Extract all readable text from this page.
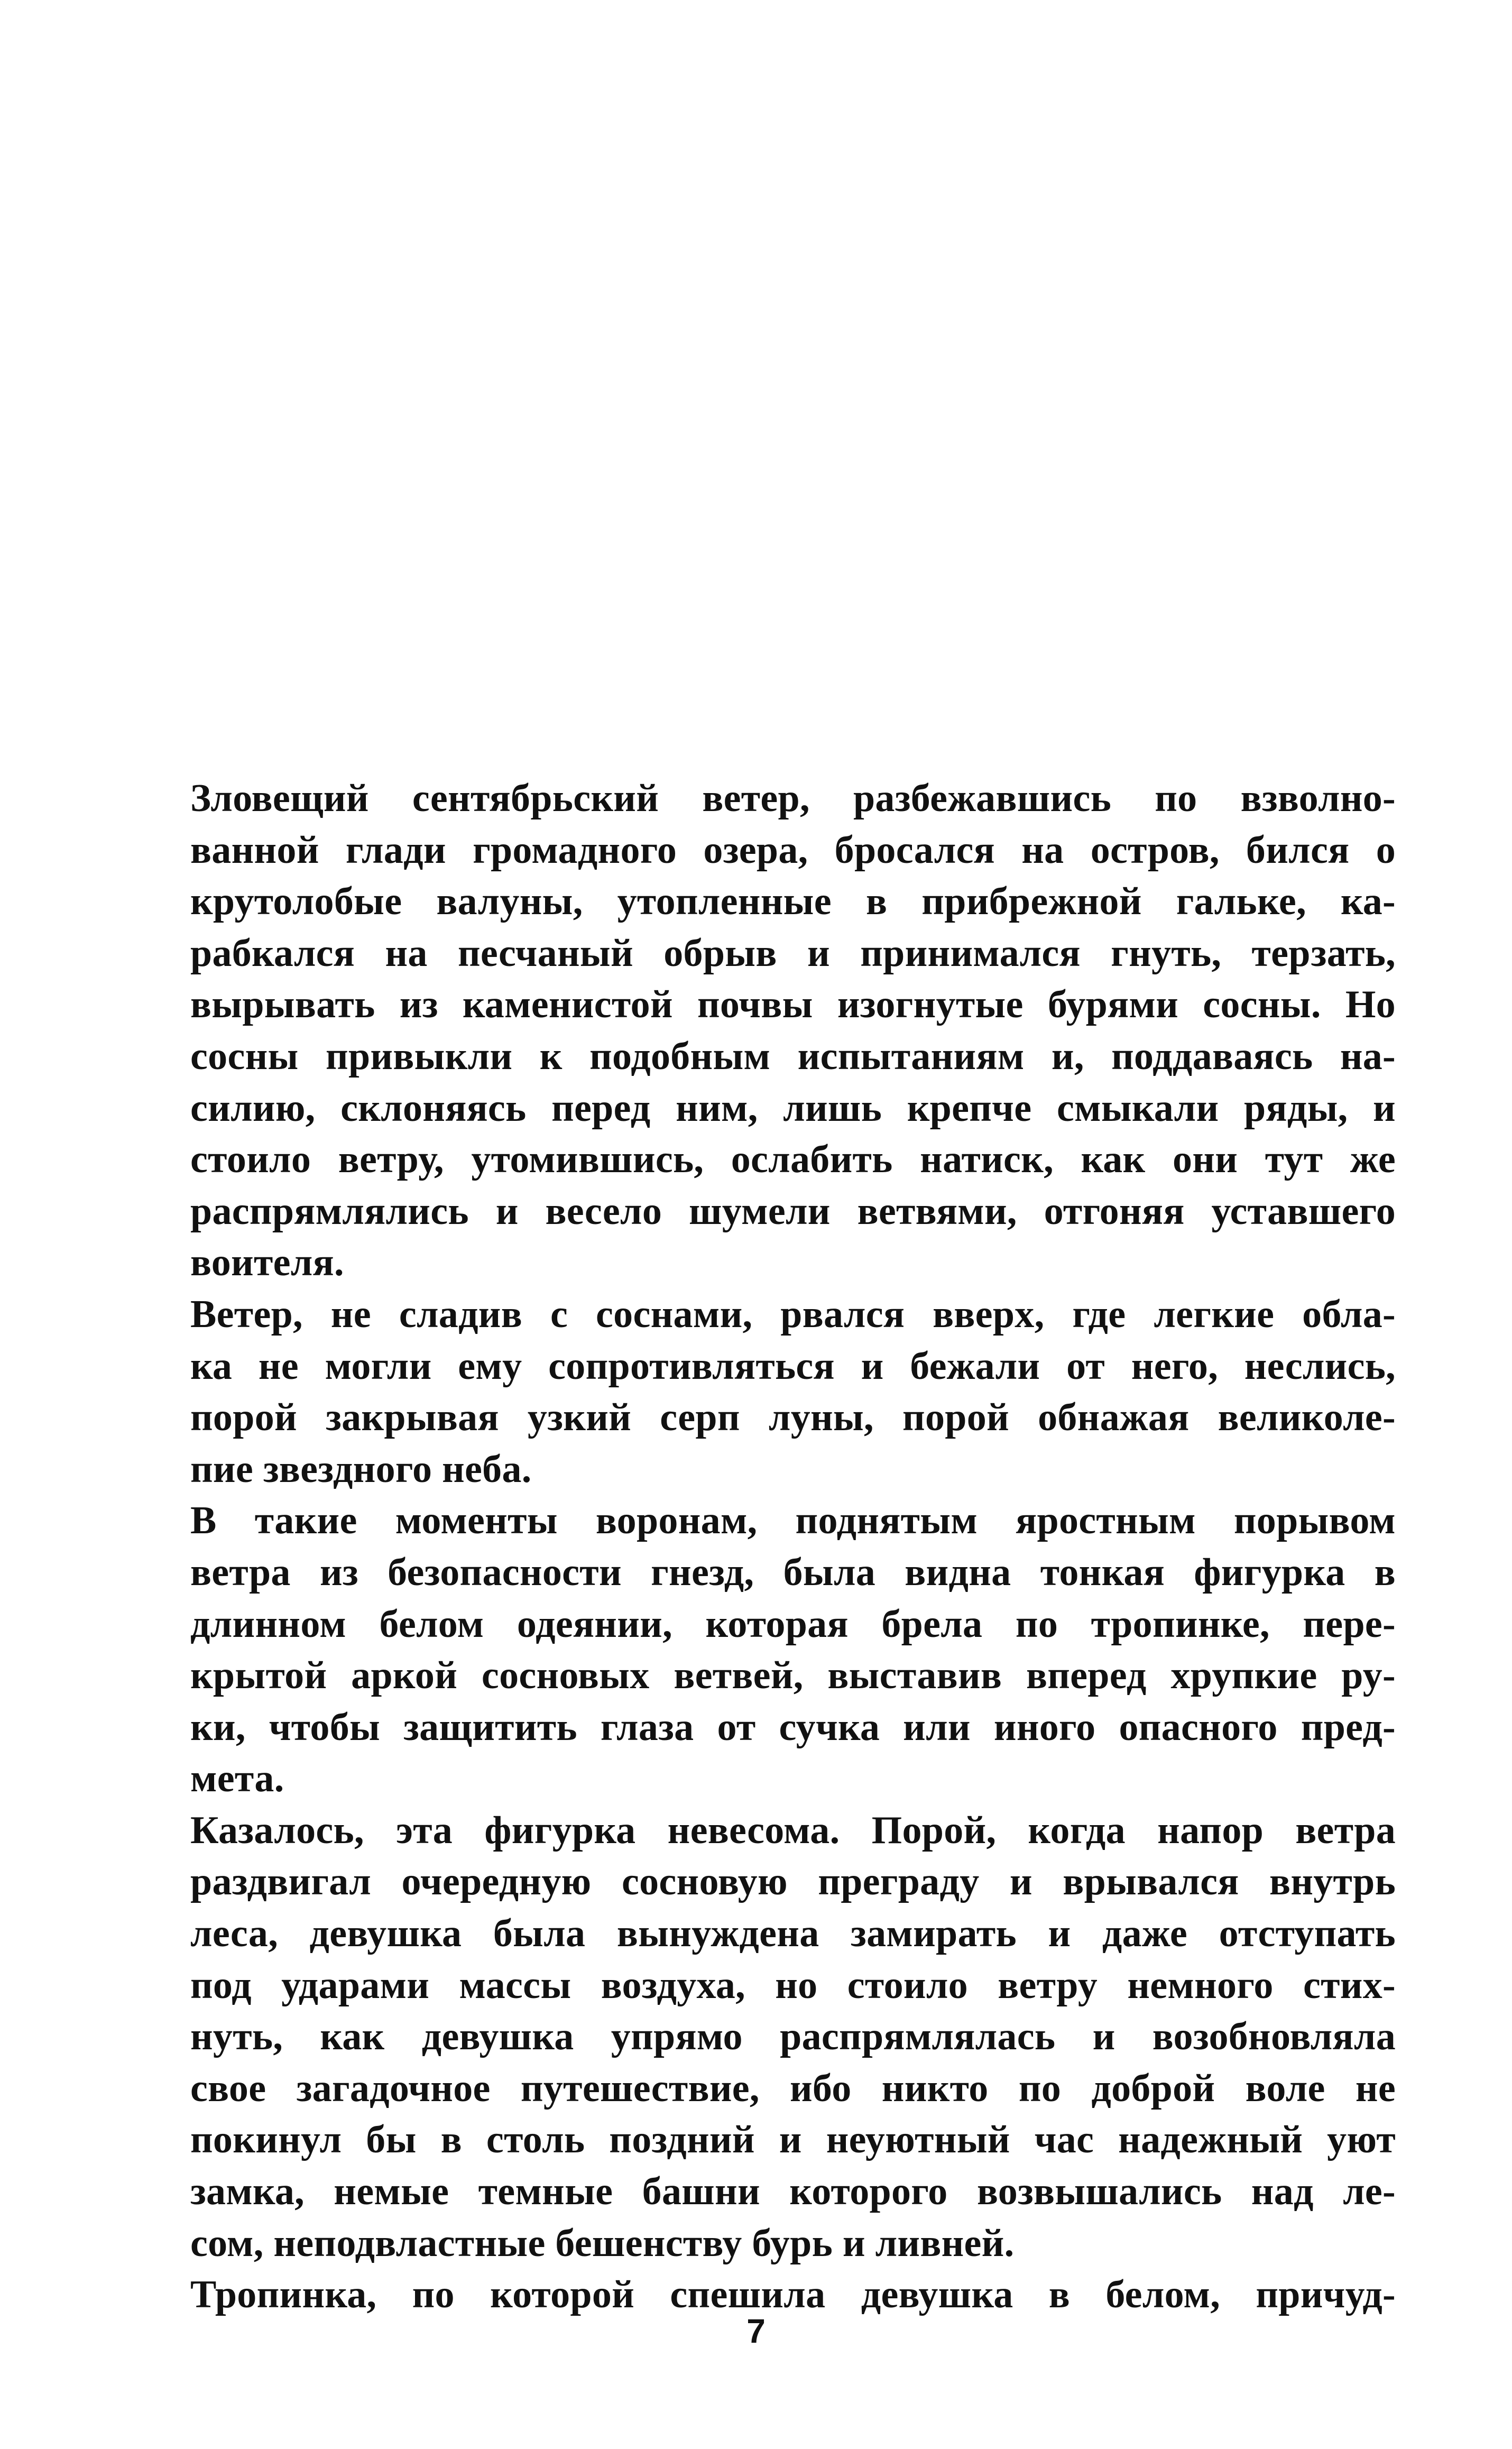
Зловещий сентябрьский ветер, разбежавшись по взволно-
ванной глади громадного озера, бросался на остров, бился о
крутолобые валуны, утопленные в прибрежной гальке, ка-
рабкался на песчаный обрыв и принимался гнуть, терзать,
вырывать из каменистой почвы изогнутые бурями сосны. Но
сосны привыкли к подобным испытаниям и, поддаваясь на-
силию, склоняясь перед ним, лишь крепче смыкали ряды, и
стоило ветру, утомившись, ослабить натиск, как они тут же
распрямлялись и весело шумели ветвями, отгоняя уставшего
воителя.
Ветер, не сладив с соснами, рвался вверх, где легкие обла-
ка не могли ему сопротивляться и бежали от него, неслись,
порой закрывая узкий серп луны, порой обнажая великоле-
пие звездного неба.
В такие моменты воронам, поднятым яростным порывом
ветра из безопасности гнезд, была видна тонкая фигурка в
длинном белом одеянии, которая брела по тропинке, пере-
крытой аркой сосновых ветвей, выставив вперед хрупкие ру-
ки, чтобы защитить глаза от сучка или иного опасного пред-
мета.
Казалось, эта фигурка невесома. Порой, когда напор ветра
раздвигал очередную сосновую преграду и врывался внутрь
леса, девушка была вынуждена замирать и даже отступать
под ударами массы воздуха, но стоило ветру немного стих-
нуть, как девушка упрямо распрямлялась и возобновляла
свое загадочное путешествие, ибо никто по доброй воле не
покинул бы в столь поздний и неуютный час надежный уют
замка, немые темные башни которого возвышались над ле-
сом, неподвластные бешенству бурь и ливней.
Тропинка, по которой спешила девушка в белом, причуд-
7
